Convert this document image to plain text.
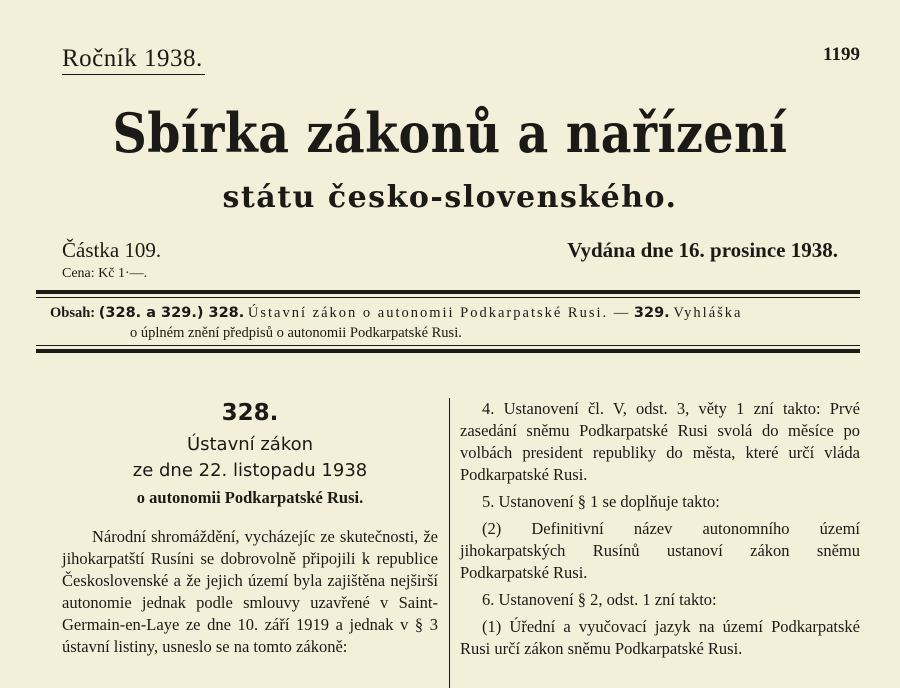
Ročník 1938.	1199
Sbírka zákonů a nařízení
státu česko-slovenského.
Částka 109.
Cena: Kč 1·—.
Vydána dne 16. prosince 1938.
Obsah: (328. a 329.) 328. Ústavní zákon o autonomii Podkarpatské Rusi. — 329. Vyhláška
o úplném znění předpisů o autonomii Podkarpatské Rusi.
328.
Ústavní zákon
ze dne 22. listopadu 1938
o autonomii Podkarpatské Rusi.

Národní shromáždění, vycházejíc ze skutečnosti, že jihokarpatští Rusíni se dobrovolně připojili k republice Československé a že jejich území byla zajištěna nejširší autonomie jednak podle smlouvy uzavřené v Saint-Germain-en-Laye ze dne 10. září 1919 a jednak v § 3 ústavní listiny, usneslo se na tomto zákoně:

4. Ustanovení čl. V, odst. 3, věty 1 zní takto: Prvé zasedání sněmu Podkarpatské Rusi svolá do měsíce po volbách president republiky do města, které určí vláda Podkarpatské Rusi.

5. Ustanovení § 1 se doplňuje takto:

(2) Definitivní název autonomního území jihokarpatských Rusínů ustanoví zákon sněmu Podkarpatské Rusi.

6. Ustanovení § 2, odst. 1 zní takto:

(1) Úřední a vyučovací jazyk na území Podkarpatské Rusi určí zákon sněmu Podkarpatské Rusi.
